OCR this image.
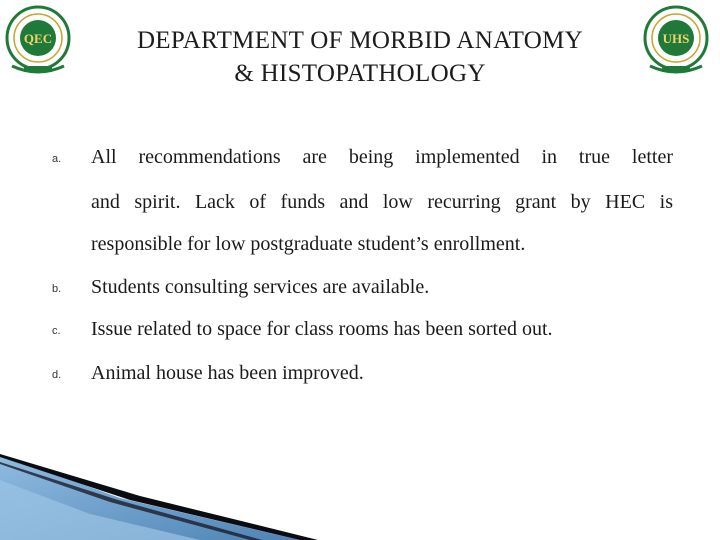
QEC	UHS
DEPARTMENT OF MORBID ANATOMY
& HISTOPATHOLOGY
a. All recommendations are being implemented in true letter
and spirit. Lack of funds and low recurring grant by HEC is
responsible for low postgraduate student’s enrollment.
b. Students consulting services are available.
c. Issue related to space for class rooms has been sorted out.
d. Animal house has been improved.
